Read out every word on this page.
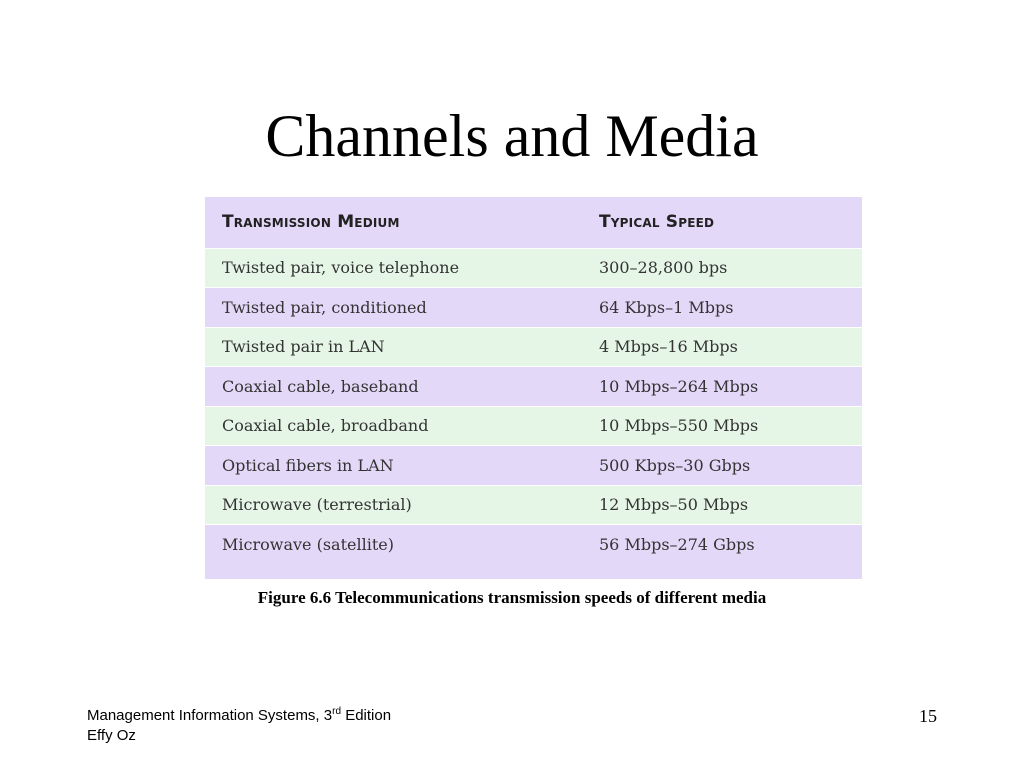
Channels and Media
Transmission Medium	Typical Speed
Twisted pair, voice telephone	300–28,800 bps
Twisted pair, conditioned	64 Kbps–1 Mbps
Twisted pair in LAN	4 Mbps–16 Mbps
Coaxial cable, baseband	10 Mbps–264 Mbps
Coaxial cable, broadband	10 Mbps–550 Mbps
Optical fibers in LAN	500 Kbps–30 Gbps
Microwave (terrestrial)	12 Mbps–50 Mbps
Microwave (satellite)	56 Mbps–274 Gbps
Figure 6.6 Telecommunications transmission speeds of different media
Management Information Systems, 3rd Edition
Effy Oz
15
